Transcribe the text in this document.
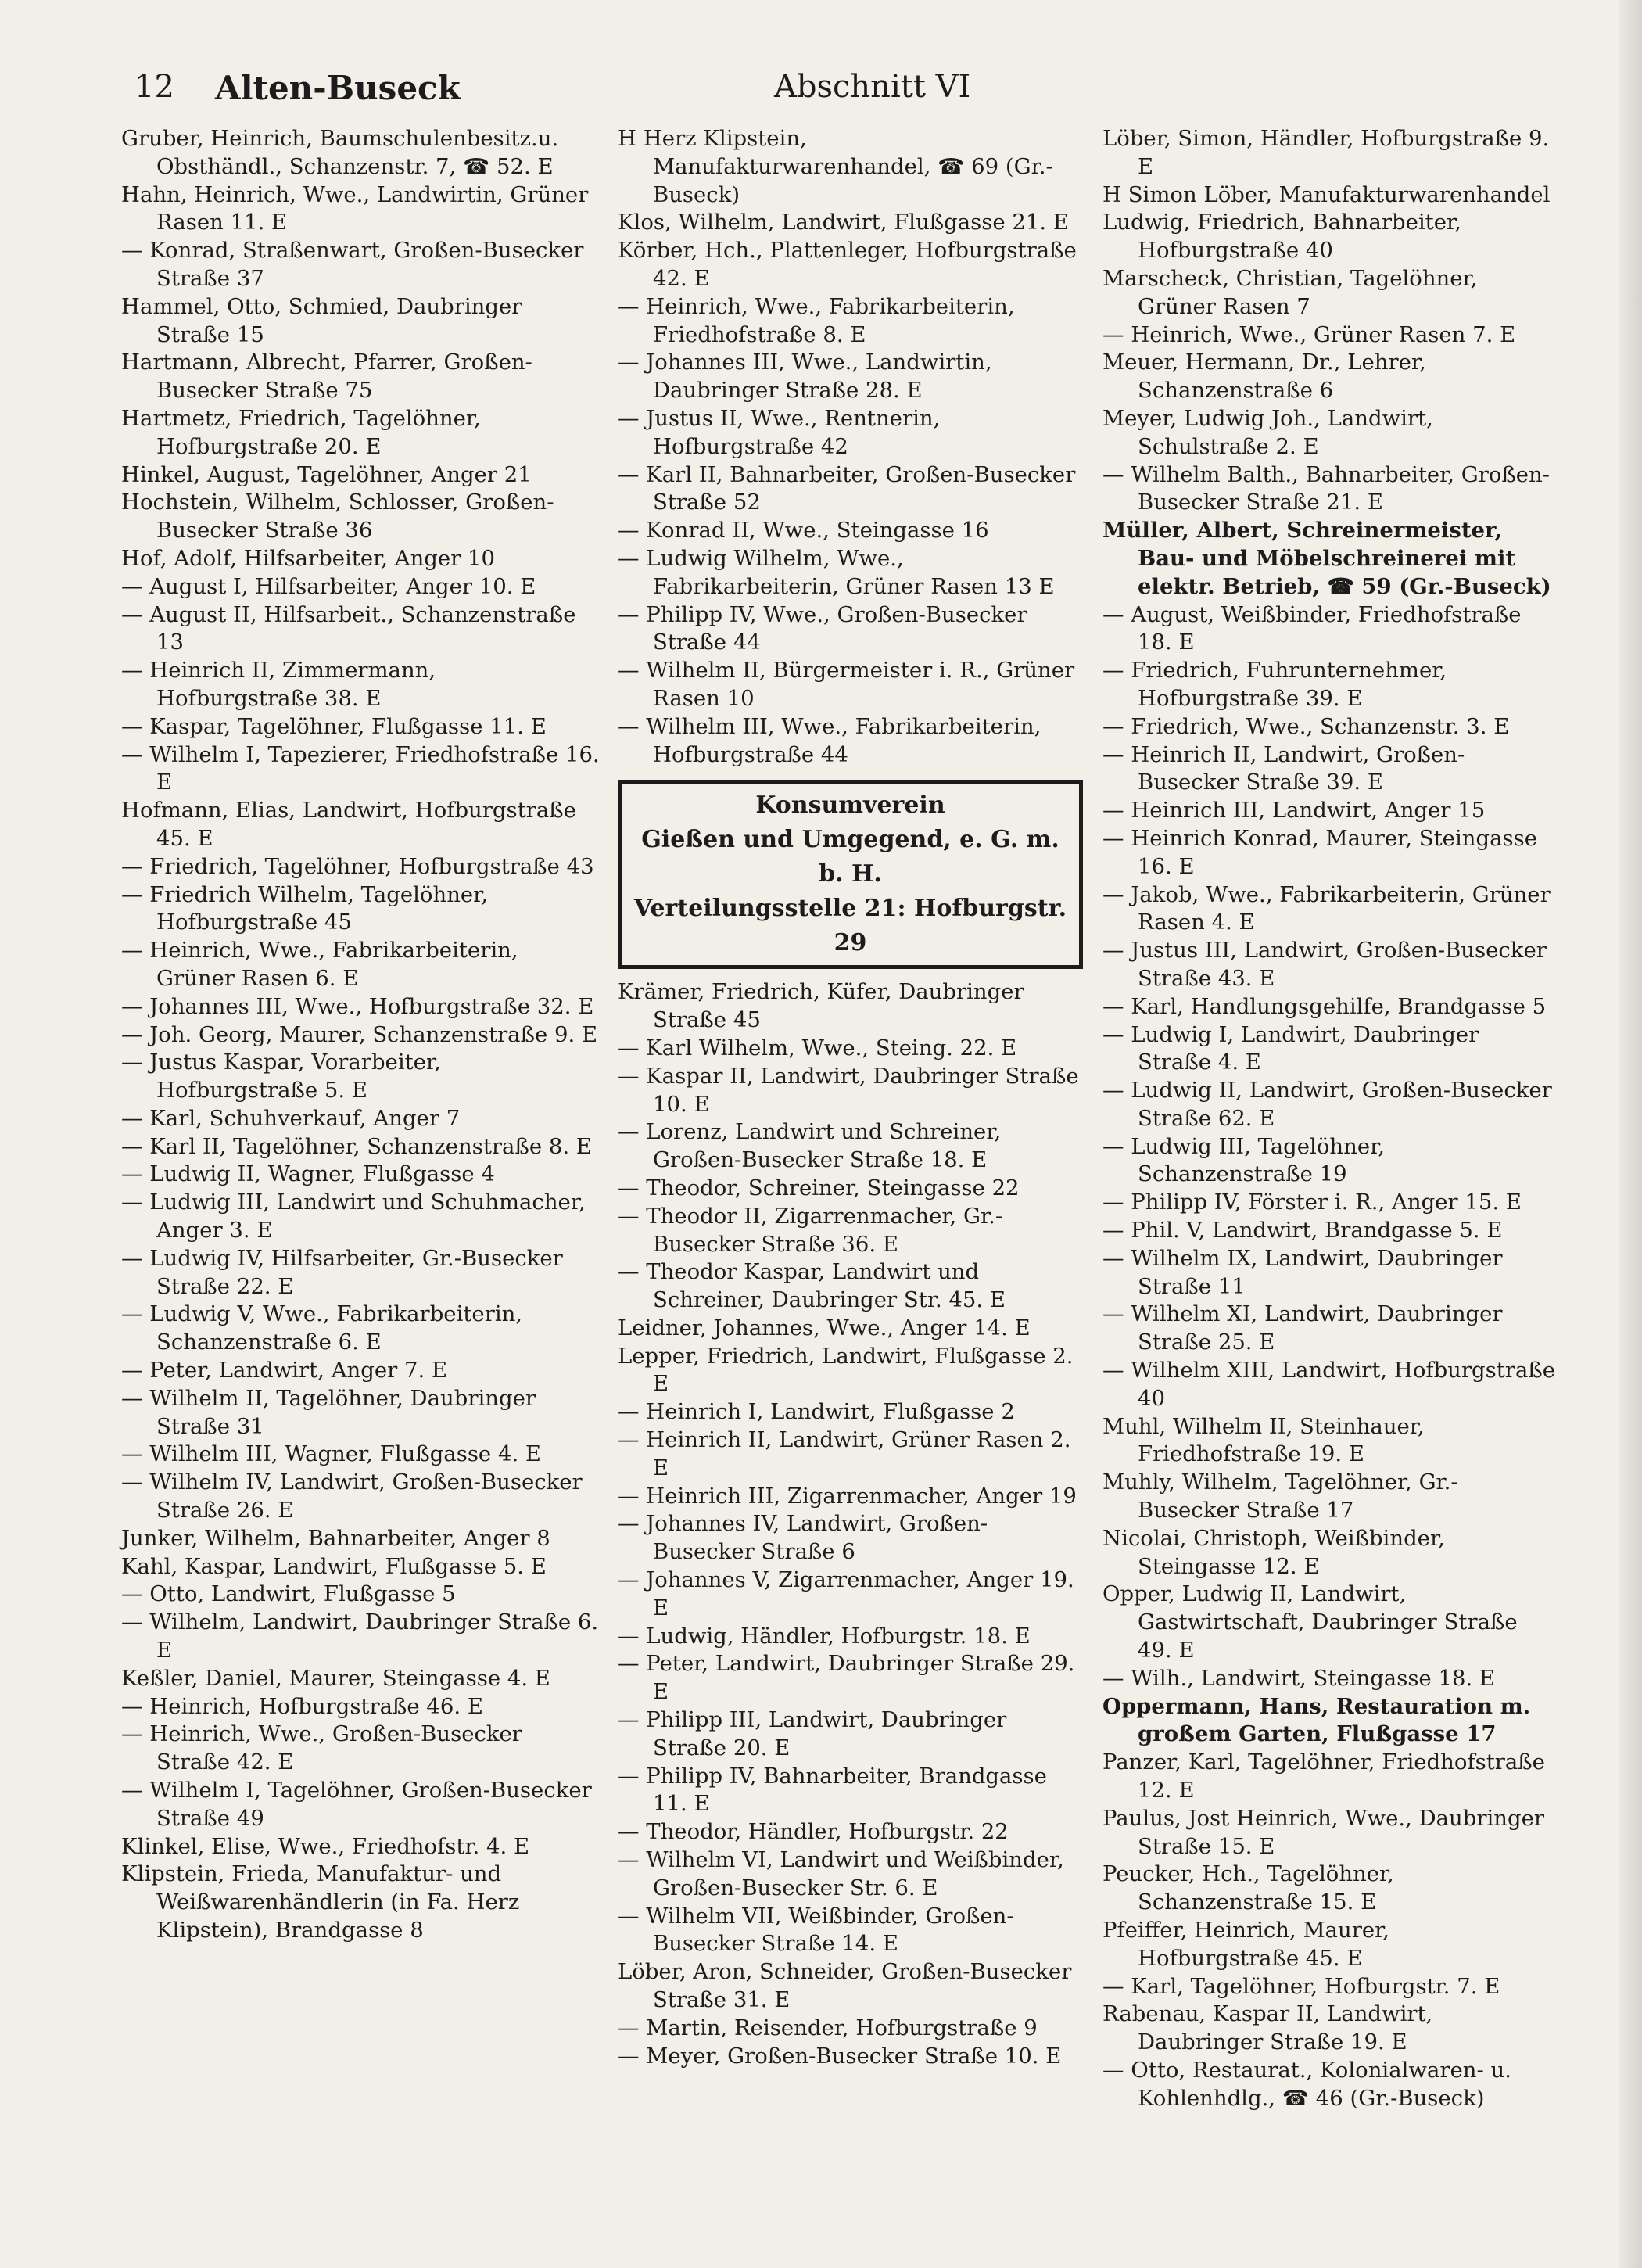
12 Alten-Buseck	Abschnitt VI
Gruber, Heinrich, Baumschulenbesitz.u. Obsthändl., Schanzenstr. 7, ☎ 52. E
Hahn, Heinrich, Wwe., Landwirtin, Grüner Rasen 11. E
— Konrad, Straßenwart, Großen-Busecker Straße 37
Hammel, Otto, Schmied, Daubringer Straße 15
Hartmann, Albrecht, Pfarrer, Großen-Busecker Straße 75
Hartmetz, Friedrich, Tagelöhner, Hofburgstraße 20. E
Hinkel, August, Tagelöhner, Anger 21
Hochstein, Wilhelm, Schlosser, Großen-Busecker Straße 36
Hof, Adolf, Hilfsarbeiter, Anger 10
— August I, Hilfsarbeiter, Anger 10. E
— August II, Hilfsarbeit., Schanzenstraße 13
— Heinrich II, Zimmermann, Hofburgstraße 38. E
— Kaspar, Tagelöhner, Flußgasse 11. E
— Wilhelm I, Tapezierer, Friedhofstraße 16. E
Hofmann, Elias, Landwirt, Hofburgstraße 45. E
— Friedrich, Tagelöhner, Hofburgstraße 43
— Friedrich Wilhelm, Tagelöhner, Hofburgstraße 45
— Heinrich, Wwe., Fabrikarbeiterin, Grüner Rasen 6. E
— Johannes III, Wwe., Hofburgstraße 32. E
— Joh. Georg, Maurer, Schanzenstraße 9. E
— Justus Kaspar, Vorarbeiter, Hofburgstraße 5. E
— Karl, Schuhverkauf, Anger 7
— Karl II, Tagelöhner, Schanzenstraße 8. E
— Ludwig II, Wagner, Flußgasse 4
— Ludwig III, Landwirt und Schuhmacher, Anger 3. E
— Ludwig IV, Hilfsarbeiter, Gr.-Busecker Straße 22. E
— Ludwig V, Wwe., Fabrikarbeiterin, Schanzenstraße 6. E
— Peter, Landwirt, Anger 7. E
— Wilhelm II, Tagelöhner, Daubringer Straße 31
— Wilhelm III, Wagner, Flußgasse 4. E
— Wilhelm IV, Landwirt, Großen-Busecker Straße 26. E
Junker, Wilhelm, Bahnarbeiter, Anger 8
Kahl, Kaspar, Landwirt, Flußgasse 5. E
— Otto, Landwirt, Flußgasse 5
— Wilhelm, Landwirt, Daubringer Straße 6. E
Keßler, Daniel, Maurer, Steingasse 4. E
— Heinrich, Hofburgstraße 46. E
— Heinrich, Wwe., Großen-Busecker Straße 42. E
— Wilhelm I, Tagelöhner, Großen-Busecker Straße 49
Klinkel, Elise, Wwe., Friedhofstr. 4. E
Klipstein, Frieda, Manufaktur- und Weißwarenhändlerin (in Fa. Herz Klipstein), Brandgasse 8
H Herz Klipstein, Manufakturwarenhandel, ☎ 69 (Gr.-Buseck)
Klos, Wilhelm, Landwirt, Flußgasse 21. E
Körber, Hch., Plattenleger, Hofburgstraße 42. E
— Heinrich, Wwe., Fabrikarbeiterin, Friedhofstraße 8. E
— Johannes III, Wwe., Landwirtin, Daubringer Straße 28. E
— Justus II, Wwe., Rentnerin, Hofburgstraße 42
— Karl II, Bahnarbeiter, Großen-Busecker Straße 52
— Konrad II, Wwe., Steingasse 16
— Ludwig Wilhelm, Wwe., Fabrikarbeiterin, Grüner Rasen 13 E
— Philipp IV, Wwe., Großen-Busecker Straße 44
— Wilhelm II, Bürgermeister i. R., Grüner Rasen 10
— Wilhelm III, Wwe., Fabrikarbeiterin, Hofburgstraße 44
Konsumverein
Gießen und Umgegend, e. G. m. b. H.
Verteilungsstelle 21: Hofburgstr. 29
Krämer, Friedrich, Küfer, Daubringer Straße 45
— Karl Wilhelm, Wwe., Steing. 22. E
— Kaspar II, Landwirt, Daubringer Straße 10. E
— Lorenz, Landwirt und Schreiner, Großen-Busecker Straße 18. E
— Theodor, Schreiner, Steingasse 22
— Theodor II, Zigarrenmacher, Gr.-Busecker Straße 36. E
— Theodor Kaspar, Landwirt und Schreiner, Daubringer Str. 45. E
Leidner, Johannes, Wwe., Anger 14. E
Lepper, Friedrich, Landwirt, Flußgasse 2. E
— Heinrich I, Landwirt, Flußgasse 2
— Heinrich II, Landwirt, Grüner Rasen 2. E
— Heinrich III, Zigarrenmacher, Anger 19
— Johannes IV, Landwirt, Großen-Busecker Straße 6
— Johannes V, Zigarrenmacher, Anger 19. E
— Ludwig, Händler, Hofburgstr. 18. E
— Peter, Landwirt, Daubringer Straße 29. E
— Philipp III, Landwirt, Daubringer Straße 20. E
— Philipp IV, Bahnarbeiter, Brandgasse 11. E
— Theodor, Händler, Hofburgstr. 22
— Wilhelm VI, Landwirt und Weißbinder, Großen-Busecker Str. 6. E
— Wilhelm VII, Weißbinder, Großen-Busecker Straße 14. E
Löber, Aron, Schneider, Großen-Busecker Straße 31. E
— Martin, Reisender, Hofburgstraße 9
— Meyer, Großen-Busecker Straße 10. E
Löber, Simon, Händler, Hofburgstraße 9. E
H Simon Löber, Manufakturwarenhandel
Ludwig, Friedrich, Bahnarbeiter, Hofburgstraße 40
Marscheck, Christian, Tagelöhner, Grüner Rasen 7
— Heinrich, Wwe., Grüner Rasen 7. E
Meuer, Hermann, Dr., Lehrer, Schanzenstraße 6
Meyer, Ludwig Joh., Landwirt, Schulstraße 2. E
— Wilhelm Balth., Bahnarbeiter, Großen-Busecker Straße 21. E
Müller, Albert, Schreinermeister, Bau- und Möbelschreinerei mit elektr. Betrieb, ☎ 59 (Gr.-Buseck)
— August, Weißbinder, Friedhofstraße 18. E
— Friedrich, Fuhrunternehmer, Hofburgstraße 39. E
— Friedrich, Wwe., Schanzenstr. 3. E
— Heinrich II, Landwirt, Großen-Busecker Straße 39. E
— Heinrich III, Landwirt, Anger 15
— Heinrich Konrad, Maurer, Steingasse 16. E
— Jakob, Wwe., Fabrikarbeiterin, Grüner Rasen 4. E
— Justus III, Landwirt, Großen-Busecker Straße 43. E
— Karl, Handlungsgehilfe, Brandgasse 5
— Ludwig I, Landwirt, Daubringer Straße 4. E
— Ludwig II, Landwirt, Großen-Busecker Straße 62. E
— Ludwig III, Tagelöhner, Schanzenstraße 19
— Philipp IV, Förster i. R., Anger 15. E
— Phil. V, Landwirt, Brandgasse 5. E
— Wilhelm IX, Landwirt, Daubringer Straße 11
— Wilhelm XI, Landwirt, Daubringer Straße 25. E
— Wilhelm XIII, Landwirt, Hofburgstraße 40
Muhl, Wilhelm II, Steinhauer, Friedhofstraße 19. E
Muhly, Wilhelm, Tagelöhner, Gr.-Busecker Straße 17
Nicolai, Christoph, Weißbinder, Steingasse 12. E
Opper, Ludwig II, Landwirt, Gastwirtschaft, Daubringer Straße 49. E
— Wilh., Landwirt, Steingasse 18. E
Oppermann, Hans, Restauration m. großem Garten, Flußgasse 17
Panzer, Karl, Tagelöhner, Friedhofstraße 12. E
Paulus, Jost Heinrich, Wwe., Daubringer Straße 15. E
Peucker, Hch., Tagelöhner, Schanzenstraße 15. E
Pfeiffer, Heinrich, Maurer, Hofburgstraße 45. E
— Karl, Tagelöhner, Hofburgstr. 7. E
Rabenau, Kaspar II, Landwirt, Daubringer Straße 19. E
— Otto, Restaurat., Kolonialwaren- u. Kohlenhdlg., ☎ 46 (Gr.-Buseck)
